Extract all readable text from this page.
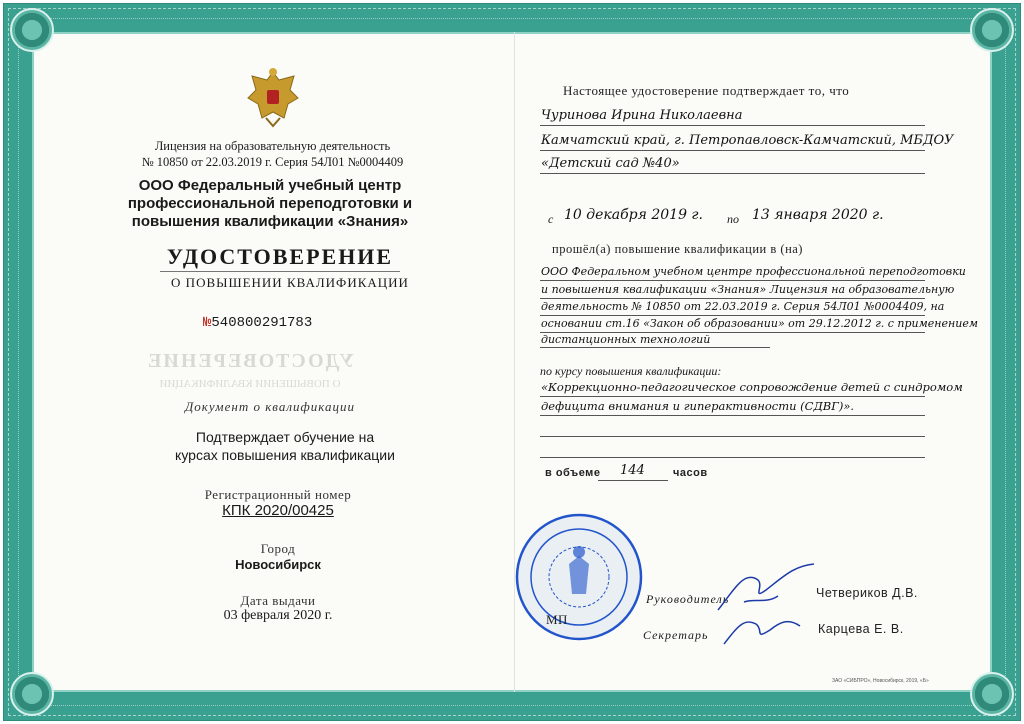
Лицензия на образовательную деятельность
№ 10850 от 22.03.2019 г. Серия 54Л01 №0004409
ООО Федеральный учебный центр
профессиональной переподготовки и
повышения квалификации «Знания»
УДОСТОВЕРЕНИЕ
О ПОВЫШЕНИИ КВАЛИФИКАЦИИ
№540800291783
УДОСТОВЕРЕНИЕ
О ПОВЫШЕНИИ КВАЛИФИКАЦИИ
Документ о квалификации
Подтверждает обучение на
курсах повышения квалификации
Регистрационный номер
КПК 2020/00425
Город
Новосибирск
Дата выдачи
03 февраля 2020 г.
Настоящее удостоверение подтверждает то, что
Чуринова Ирина Николаевна
Камчатский край, г. Петропавловск-Камчатский, МБДОУ
«Детский сад №40»
с 10 декабря 2019 г. по 13 января 2020 г.
прошёл(а) повышение квалификации в (на)
ООО Федеральном учебном центре профессиональной переподготовки
и повышения квалификации «Знания» Лицензия на образовательную
деятельность № 10850 от 22.03.2019 г. Серия 54Л01 №0004409, на
основании ст.16 «Закон об образовании» от 29.12.2012 г. с применением
дистанционных технологий
по курсу повышения квалификации:
«Коррекционно-педагогическое сопровождение детей с синдромом
дефицита внимания и гиперактивности (СДВГ)».
в объеме 144	часов
МП
Руководитель	Четвериков Д.В.
Секретарь	Карцева Е. В.
ЗАО «СИБПРО», Новосибирск, 2019, «Б»
